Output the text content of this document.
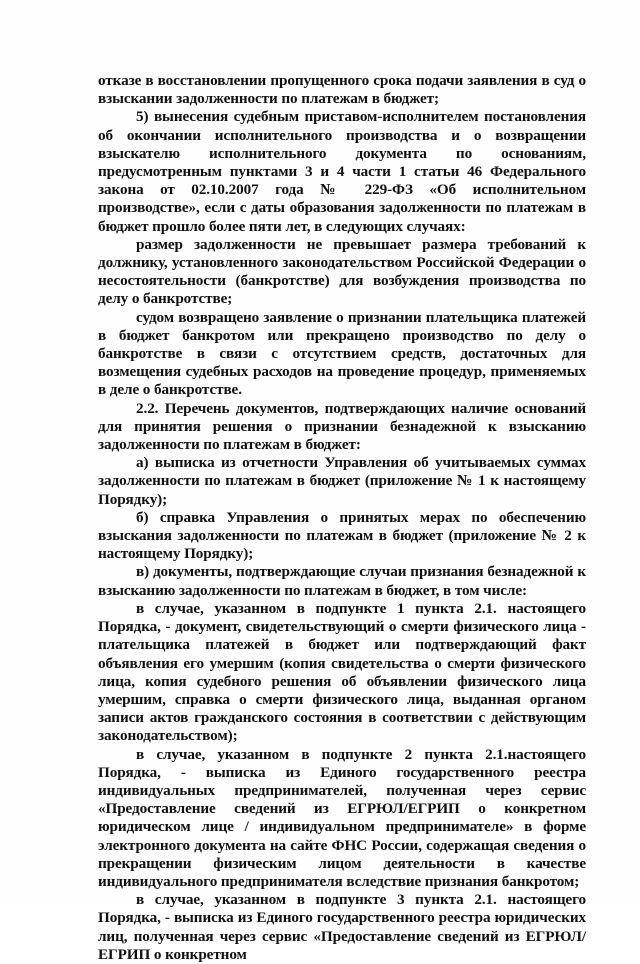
отказе в восстановлении пропущенного срока подачи заявления в суд о взыскании задолженности по платежам в бюджет;

5) вынесения судебным приставом-исполнителем постановления об окончании исполнительного производства и о возвращении взыскателю исполнительного документа по основаниям, предусмотренным пунктами 3 и 4 части 1 статьи 46 Федерального закона от 02.10.2007 года № 229-ФЗ «Об исполнительном производстве», если с даты образования задолженности по платежам в бюджет прошло более пяти лет, в следующих случаях:

размер задолженности не превышает размера требований к должнику, установленного законодательством Российской Федерации о несостоятельности (банкротстве) для возбуждения производства по делу о банкротстве;

судом возвращено заявление о признании плательщика платежей в бюджет банкротом или прекращено производство по делу о банкротстве в связи с отсутствием средств, достаточных для возмещения судебных расходов на проведение процедур, применяемых в деле о банкротстве.

2.2. Перечень документов, подтверждающих наличие оснований для принятия решения о признании безнадежной к взысканию задолженности по платежам в бюджет:

а) выписка из отчетности Управления об учитываемых суммах задолженности по платежам в бюджет (приложение № 1 к настоящему Порядку);

б) справка Управления о принятых мерах по обеспечению взыскания задолженности по платежам в бюджет (приложение № 2 к настоящему Порядку);

в) документы, подтверждающие случаи признания безнадежной к взысканию задолженности по платежам в бюджет, в том числе:

в случае, указанном в подпункте 1 пункта 2.1. настоящего Порядка, - документ, свидетельствующий о смерти физического лица - плательщика платежей в бюджет или подтверждающий факт объявления его умершим (копия свидетельства о смерти физического лица, копия судебного решения об объявлении физического лица умершим, справка о смерти физического лица, выданная органом записи актов гражданского состояния в соответствии с действующим законодательством);

в случае, указанном в подпункте 2 пункта 2.1.настоящего Порядка, - выписка из Единого государственного реестра индивидуальных предпринимателей, полученная через сервис «Предоставление сведений из ЕГРЮЛ/ЕГРИП о конкретном юридическом лице / индивидуальном предпринимателе» в форме электронного документа на сайте ФНС России, содержащая сведения о прекращении физическим лицом деятельности в качестве индивидуального предпринимателя вследствие признания банкротом;

в случае, указанном в подпункте 3 пункта 2.1. настоящего Порядка, - выписка из Единого государственного реестра юридических лиц, полученная через сервис «Предоставление сведений из ЕГРЮЛ/ЕГРИП о конкретном
